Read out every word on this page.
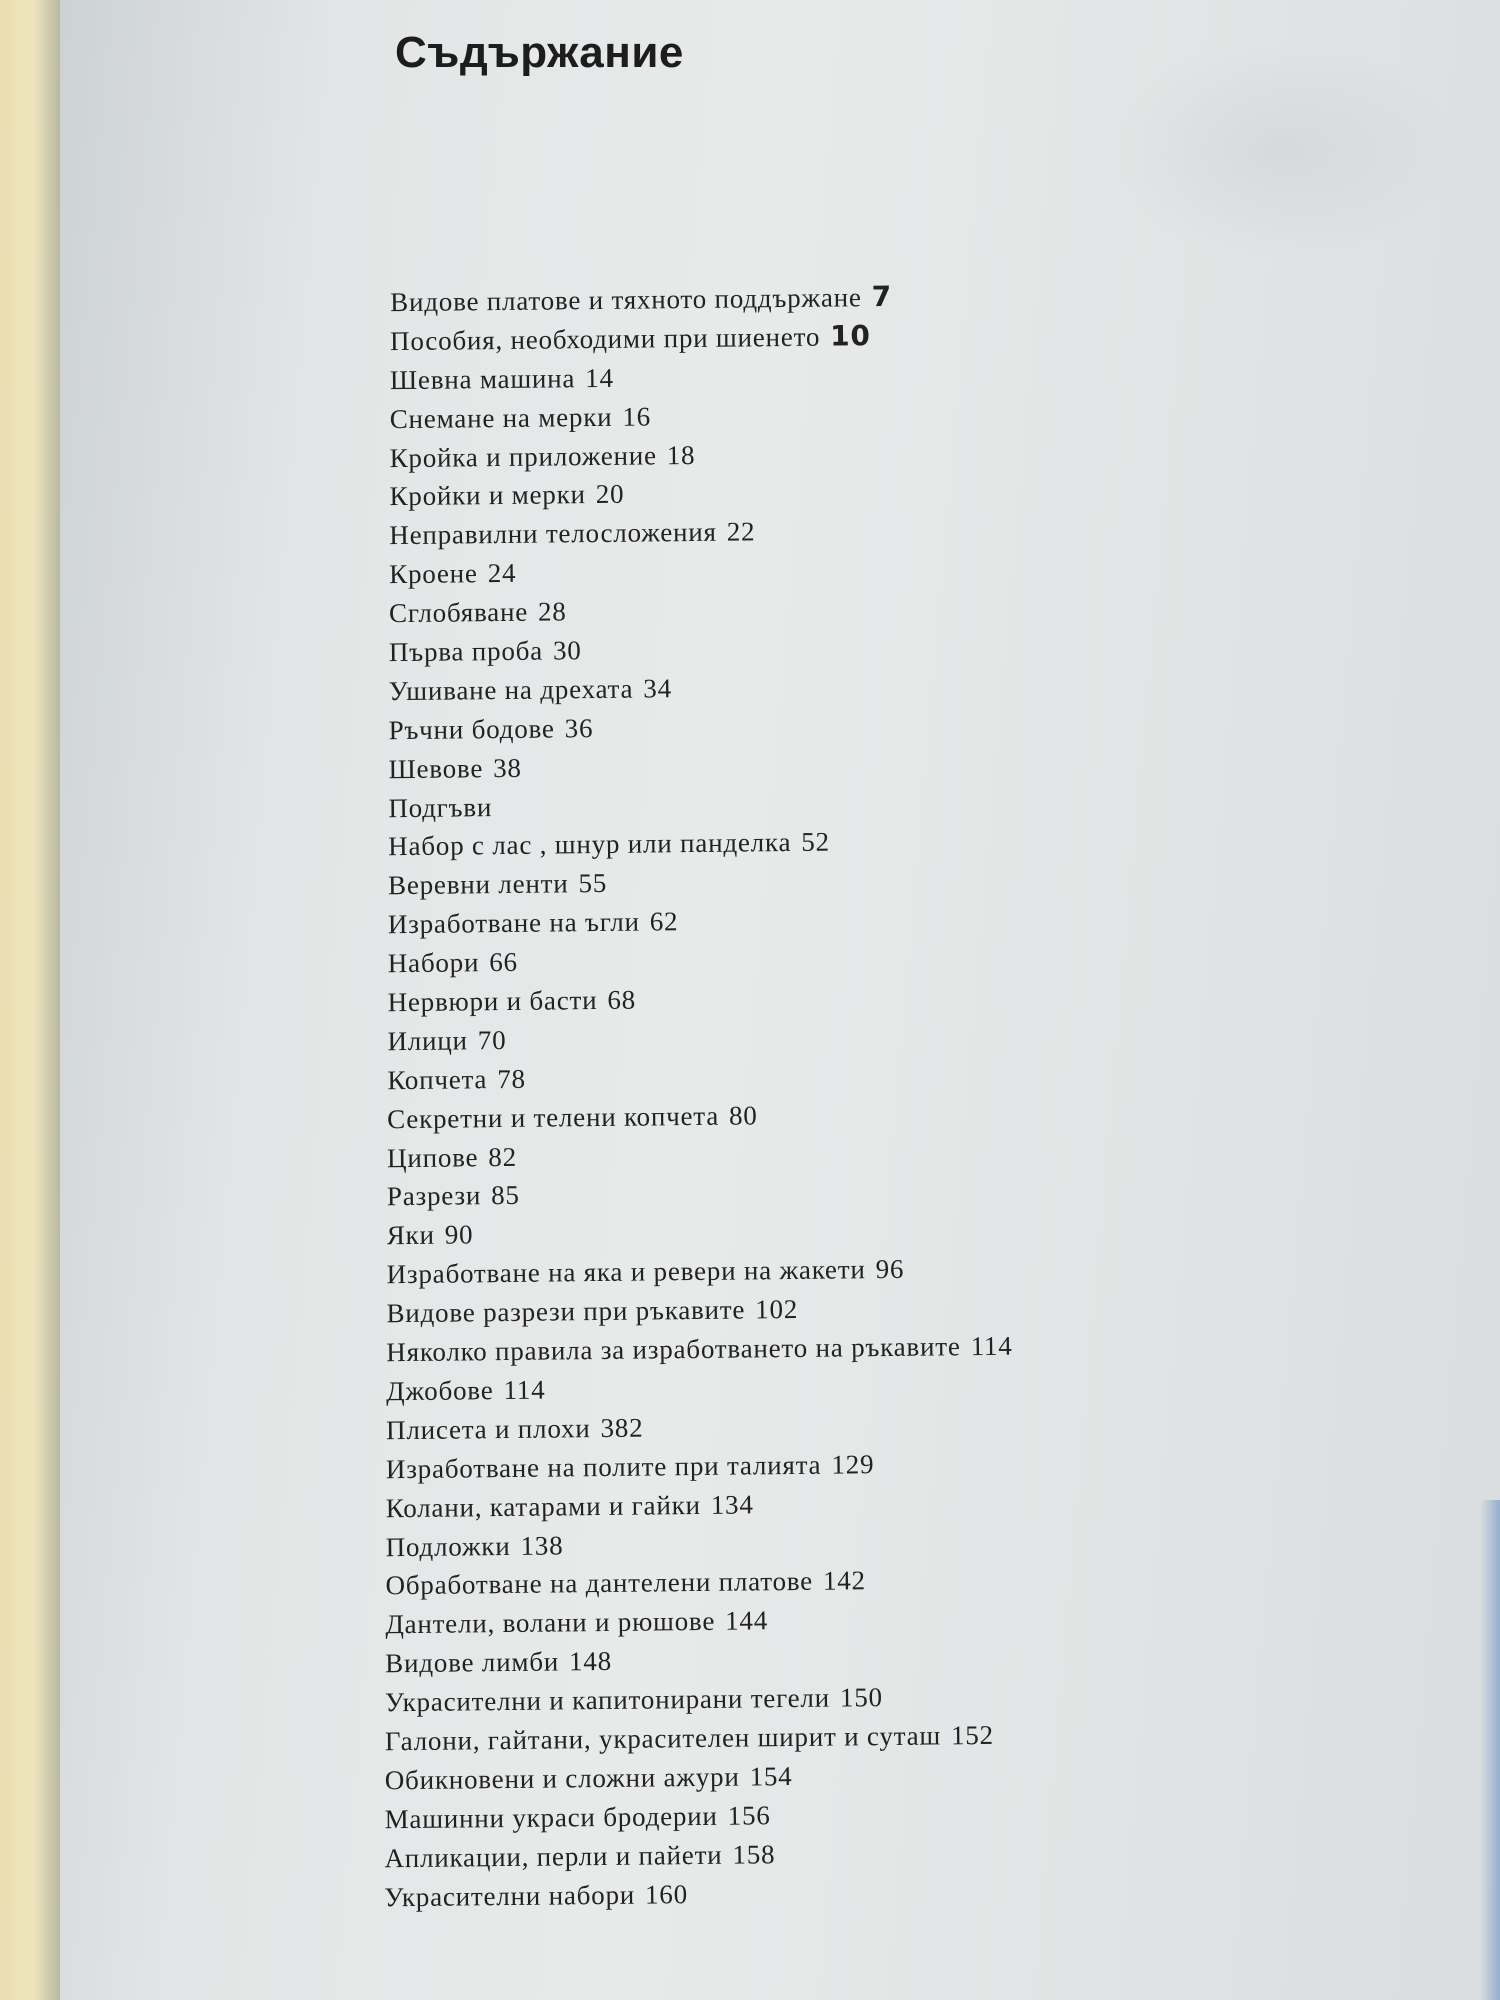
Съдържание
Видове платове и тяхното поддържане 7
Пособия, необходими при шиенето 10
Шевна машина 14
Снемане на мерки 16
Кройка и приложение 18
Кройки и мерки 20
Неправилни телосложения 22
Кроене 24
Сглобяване 28
Първа проба 30
Ушиване на дрехата 34
Ръчни бодове 36
Шевове 38
Подгъви
Набор с лас , шнур или панделка 52
Веревни ленти 55
Изработване на ъгли 62
Набори 66
Нервюри и басти 68
Илици 70
Копчета 78
Секретни и телени копчета 80
Ципове 82
Разрези 85
Яки 90
Изработване на яка и ревери на жакети 96
Видове разрези при ръкавите 102
Няколко правила за изработването на ръкавите 114
Джобове 114
Плисета и плохи 382
Изработване на полите при талията 129
Колани, катарами и гайки 134
Подложки 138
Обработване на дантелени платове 142
Дантели, волани и рюшове 144
Видове лимби 148
Украсителни и капитонирани тегели 150
Галони, гайтани, украсителен ширит и суташ 152
Обикновени и сложни ажури 154
Машинни украси бродерии 156
Апликации, перли и пайети 158
Украсителни набори 160
